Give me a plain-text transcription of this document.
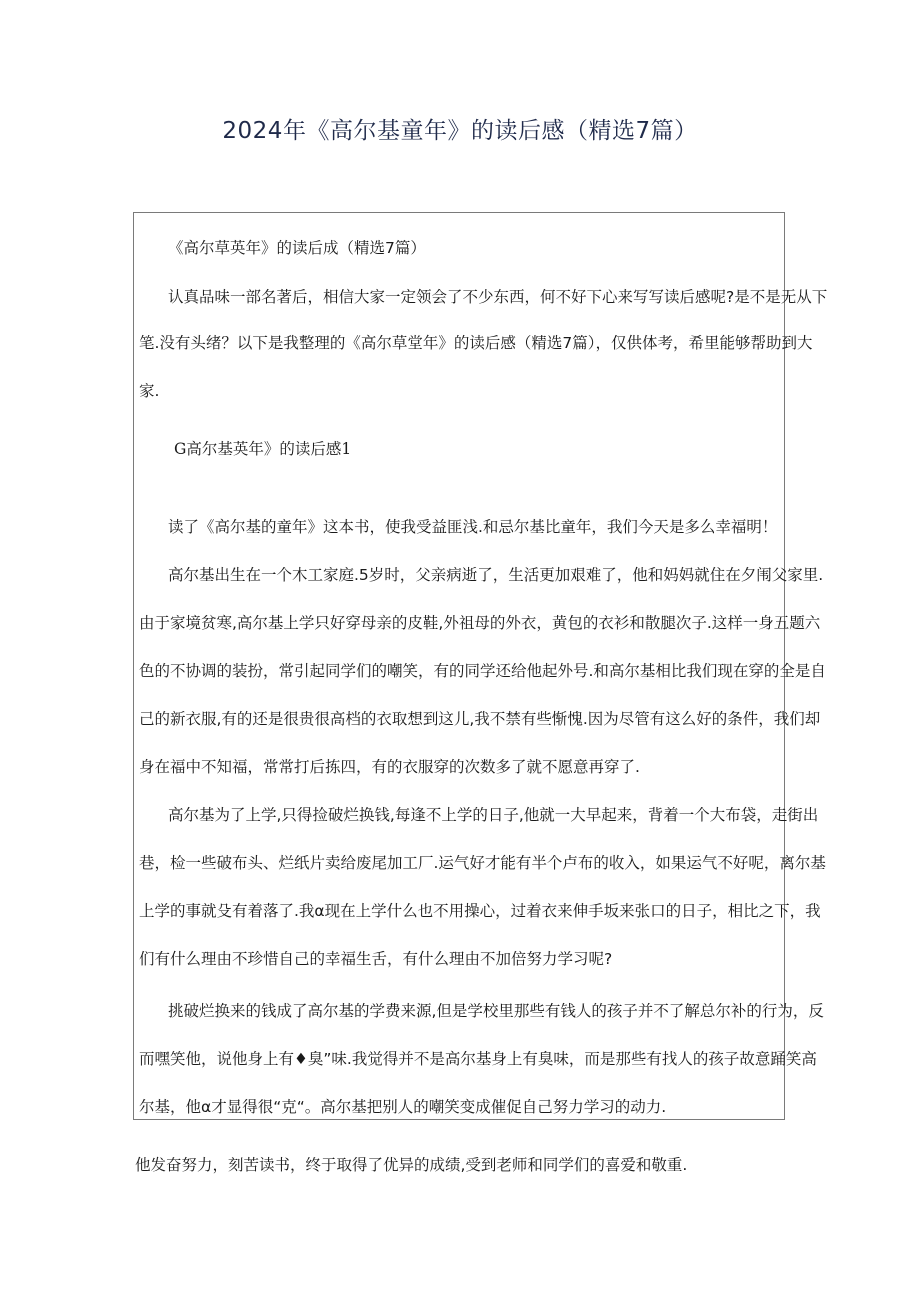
2024年《高尔基童年》的读后感（精选7篇）
《高尔草英年》的读后成（精选7篇）
认真品味一部名著后，相信大家一定领会了不少东西，何不好下心来写写读后感呢?是不是无从下
笔.没有头绪？以下是我整理的《高尔草堂年》的读后感（精选7篇），仅供体考，希里能够帮助到大
家.
G高尔基英年》的读后感1
读了《高尔基的童年》这本书，使我受益匪浅.和忌尔基比童年，我们今天是多么幸福明！
高尔基出生在一个木工家庭.5岁时，父亲病逝了，生活更加艰难了，他和妈妈就住在夕闱父家里.
由于家境贫寒,高尔基上学只好穿母亲的皮鞋,外祖母的外衣，黄包的衣衫和散腿次子.这样一身五题六
色的不协调的装扮，常引起同学们的嘲笑，有的同学还给他起外号.和高尔基相比我们现在穿的全是自
己的新衣服,有的还是很贵很高档的衣取想到这儿,我不禁有些惭愧.因为尽管有这么好的条件，我们却
身在福中不知福，常常打后拣四，有的衣服穿的次数多了就不愿意再穿了.
高尔基为了上学,只得捡破烂换钱,每逢不上学的日子,他就一大早起来，背着一个大布袋，走街出
巷，检一些破布头、烂纸片卖给废尾加工厂.运气好才能有半个卢布的收入，如果运气不好呢，离尔基
上学的事就殳有着落了.我α现在上学什么也不用操心，过着衣来伸手坂来张口的日子，相比之下，我
们有什么理由不珍惜自己的幸福生舌，有什么理由不加倍努力学习呢?
挑破烂换来的钱成了高尔基的学费来源,但是学校里那些有钱人的孩子并不了解总尔补的行为，反
而嘿笑他，说他身上有♦臭”味.我觉得并不是高尔基身上有臭味，而是那些有找人的孩子故意踊笑高
尔基，他α才显得很“克“。高尔基把别人的嘲笑变成催促自己努力学习的动力.
他发奋努力，刻苦读书，终于取得了优异的成绩,受到老师和同学们的喜爱和敬重.
